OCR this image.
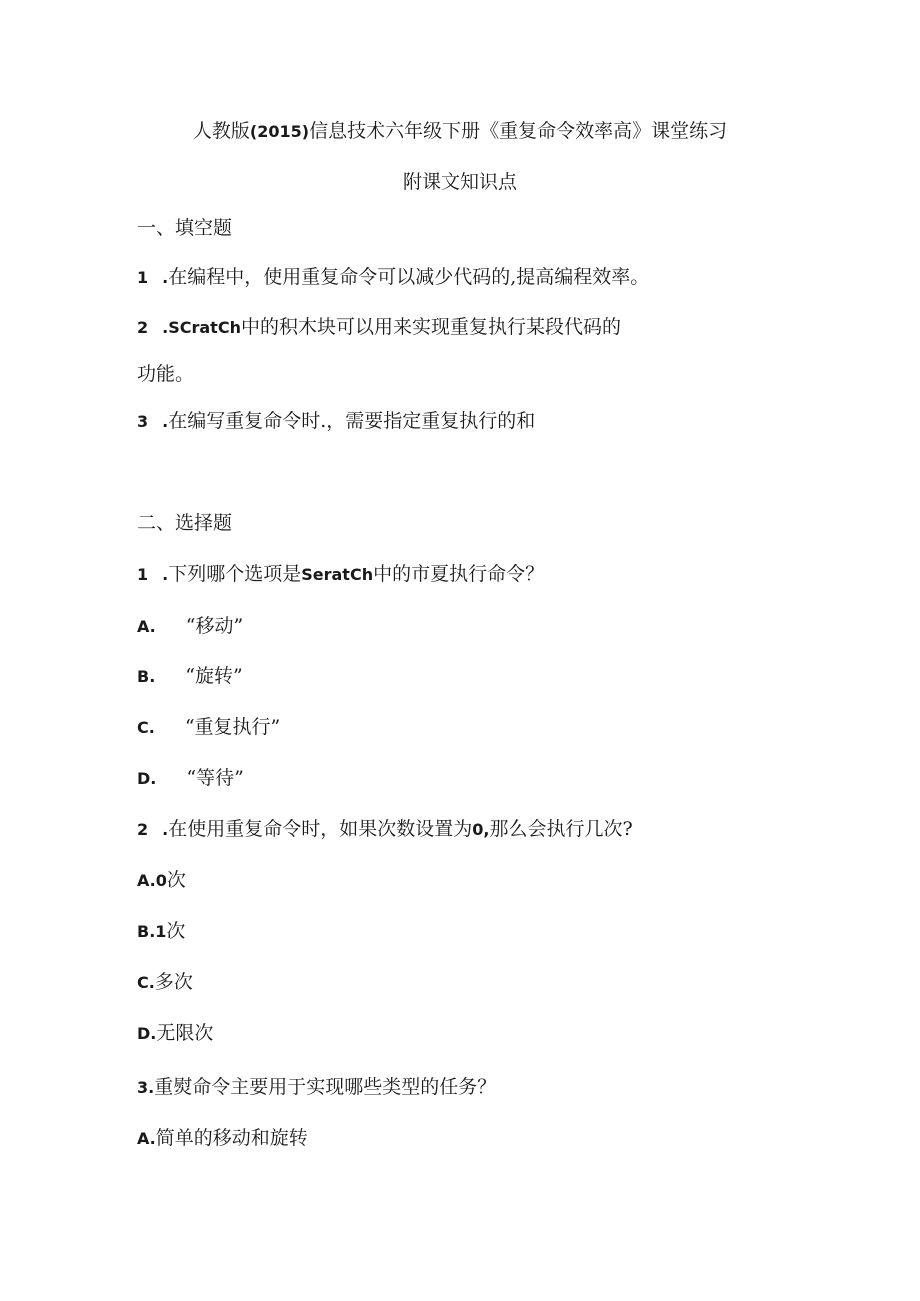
人教版(2015)信息技术六年级下册《重复命令效率高》课堂练习

附课文知识点

一、填空题

1 .在编程中，使用重复命令可以减少代码的,提高编程效率。

2 .SCratCh中的积木块可以用来实现重复执行某段代码的

功能。

3 .在编写重复命令时.，需要指定重复执行的和

二、选择题

1 .下列哪个选项是SeratCh中的市夏执行命令？

A. “移动”

B. “旋转”

C. “重复执行”

D. “等待”

2 .在使用重复命令时，如果次数设置为0,那么会执行几次?

A.0次

B.1次

C.多次

D.无限次

3.重熨命令主要用于实现哪些类型的任务？

A.简单的移动和旋转
